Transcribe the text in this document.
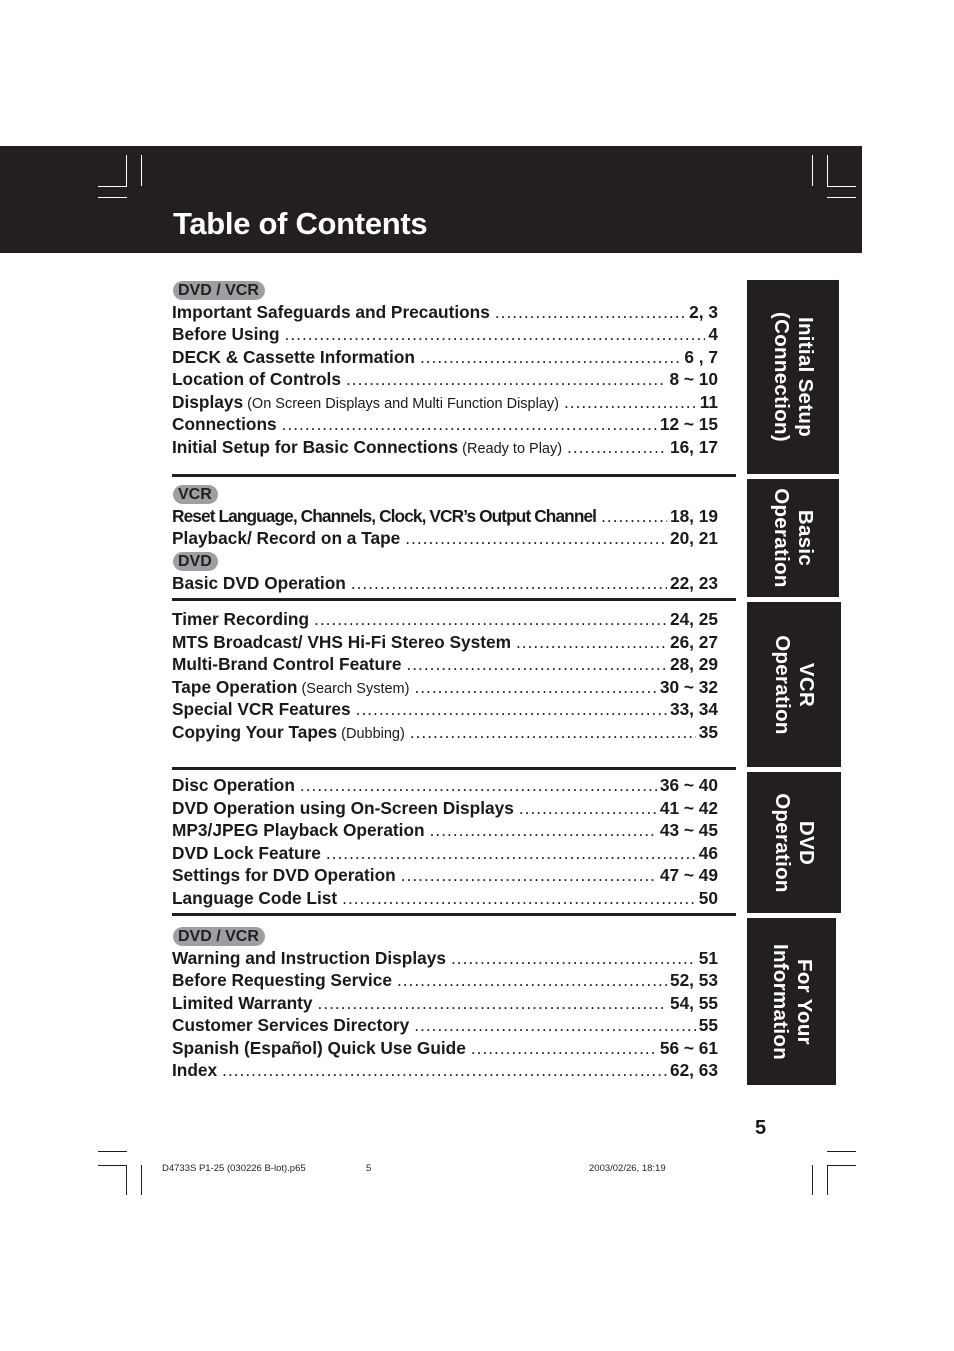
Table of Contents
DVD / VCR
Important Safeguards and Precautions .....	2, 3
Before Using .....	4
DECK & Cassette Information .....	6 , 7
Location of Controls .....	8 ~ 10
Displays (On Screen Displays and Multi Function Display) .....	11
Connections .....	12 ~ 15
Initial Setup for Basic Connections (Ready to Play) .....	16, 17
VCR
Reset Language, Channels, Clock, VCR’s Output Channel .....	18, 19
Playback/ Record on a Tape .....	20, 21
DVD
Basic DVD Operation .....	22, 23
Timer Recording .....	24, 25
MTS Broadcast/ VHS Hi-Fi Stereo System .....	26, 27
Multi-Brand Control Feature .....	28, 29
Tape Operation (Search System) .....	30 ~ 32
Special VCR Features .....	33, 34
Copying Your Tapes (Dubbing) .....	35
Disc Operation .....	36 ~ 40
DVD Operation using On-Screen Displays .....	41 ~ 42
MP3/JPEG Playback Operation .....	43 ~ 45
DVD Lock Feature .....	46
Settings for DVD Operation .....	47 ~ 49
Language Code List .....	50
DVD / VCR
Warning and Instruction Displays .....	51
Before Requesting Service .....	52, 53
Limited Warranty .....	54, 55
Customer Services Directory .....	55
Spanish (Español) Quick Use Guide .....	56 ~ 61
Index .....	62, 63
Initial Setup
(Connection)
Basic
Operation
VCR
Operation
DVD
Operation
For Your
Information
5
D4733S P1-25 (030226 B-lot).p65	5	2003/02/26, 18:19
